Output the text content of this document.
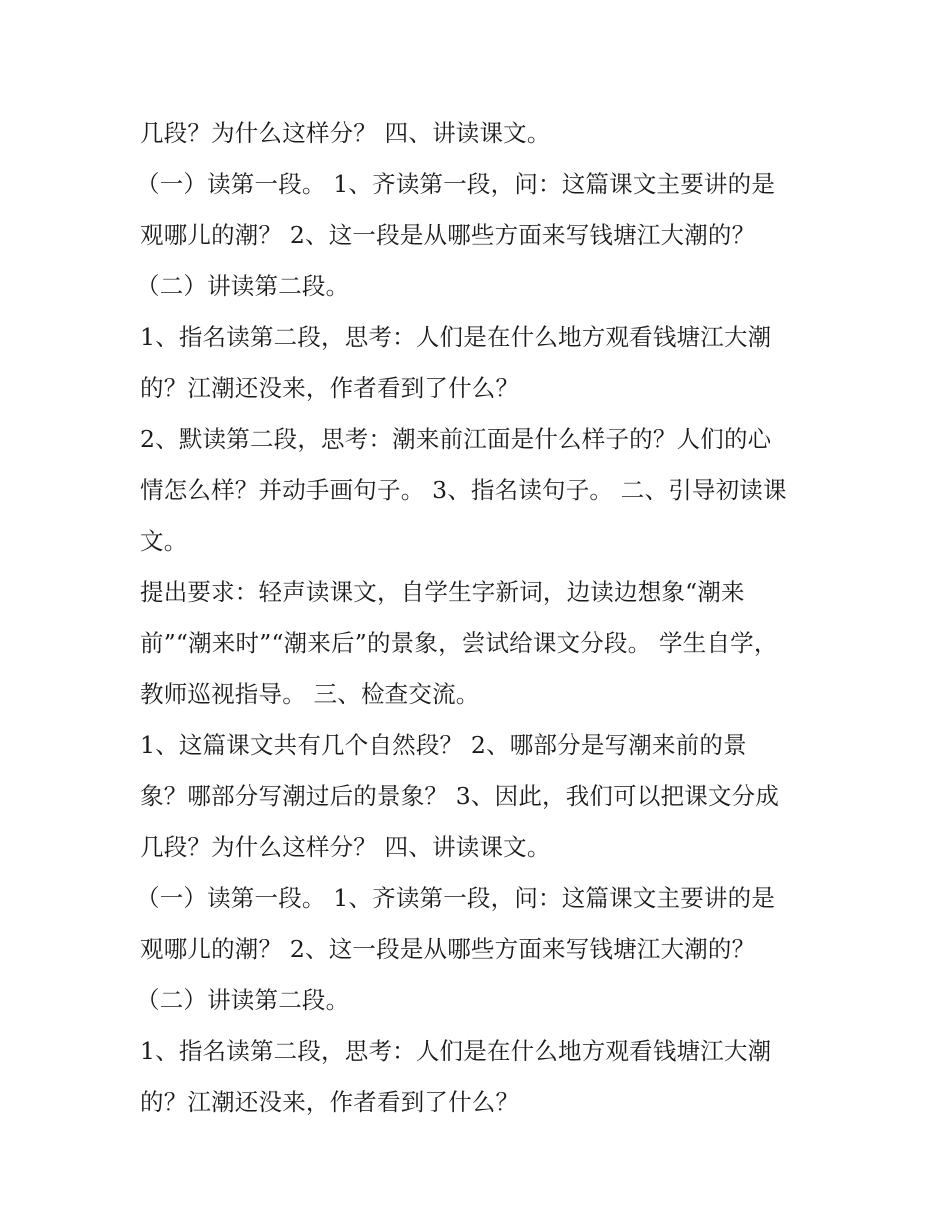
几段？为什么这样分？ 四、讲读课文。
（一）读第一段。 1、齐读第一段，问：这篇课文主要讲的是
观哪儿的潮？ 2、这一段是从哪些方面来写钱塘江大潮的？
（二）讲读第二段。
1、指名读第二段，思考：人们是在什么地方观看钱塘江大潮
的？江潮还没来，作者看到了什么？
2、默读第二段，思考：潮来前江面是什么样子的？人们的心
情怎么样？并动手画句子。 3、指名读句子。 二、引导初读课
文。
提出要求：轻声读课文，自学生字新词，边读边想象“潮来
前”“潮来时”“潮来后”的景象，尝试给课文分段。 学生自学，
教师巡视指导。 三、检查交流。
1、这篇课文共有几个自然段？ 2、哪部分是写潮来前的景
象？哪部分写潮过后的景象？ 3、因此，我们可以把课文分成
几段？为什么这样分？ 四、讲读课文。
（一）读第一段。 1、齐读第一段，问：这篇课文主要讲的是
观哪儿的潮？ 2、这一段是从哪些方面来写钱塘江大潮的？
（二）讲读第二段。
1、指名读第二段，思考：人们是在什么地方观看钱塘江大潮
的？江潮还没来，作者看到了什么？
